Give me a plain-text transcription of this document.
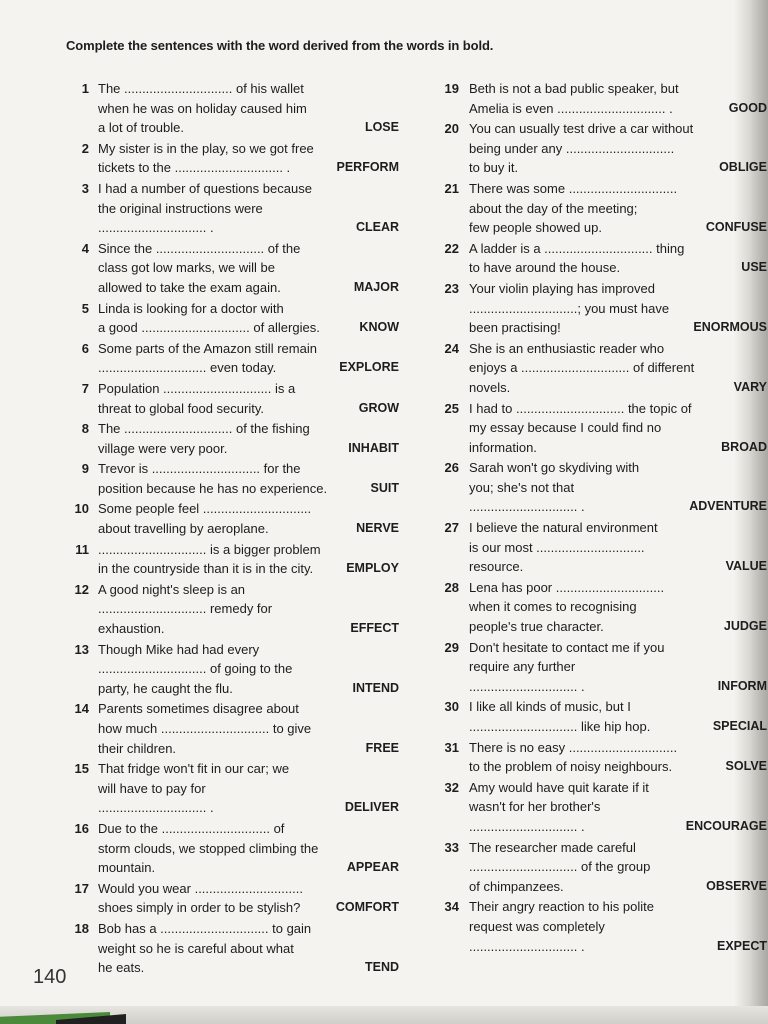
Complete the sentences with the word derived from the words in bold.
1 The .............................. of his wallet
when he was on holiday caused him
a lot of trouble.	LOSE
2 My sister is in the play, so we got free
tickets to the .............................. .	PERFORM
3 I had a number of questions because
the original instructions were
.............................. .	CLEAR
4 Since the .............................. of the
class got low marks, we will be
allowed to take the exam again.	MAJOR
5 Linda is looking for a doctor with
a good .............................. of allergies.	KNOW
6 Some parts of the Amazon still remain
.............................. even today.	EXPLORE
7 Population .............................. is a
threat to global food security.	GROW
8 The .............................. of the fishing
village were very poor.	INHABIT
9 Trevor is .............................. for the
position because he has no experience.	SUIT
10 Some people feel ..............................
about travelling by aeroplane.	NERVE
11 .............................. is a bigger problem
in the countryside than it is in the city.	EMPLOY
12 A good night's sleep is an
.............................. remedy for
exhaustion.	EFFECT
13 Though Mike had had every
.............................. of going to the
party, he caught the flu.	INTEND
14 Parents sometimes disagree about
how much .............................. to give
their children.	FREE
15 That fridge won't fit in our car; we
will have to pay for
.............................. .	DELIVER
16 Due to the .............................. of
storm clouds, we stopped climbing the
mountain.	APPEAR
17 Would you wear ..............................
shoes simply in order to be stylish?	COMFORT
18 Bob has a .............................. to gain
weight so he is careful about what
he eats.	TEND
19 Beth is not a bad public speaker, but
Amelia is even .............................. .	GOOD
20 You can usually test drive a car without
being under any ..............................
to buy it.	OBLIGE
21 There was some ..............................
about the day of the meeting;
few people showed up.	CONFUSE
22 A ladder is a .............................. thing
to have around the house.	USE
23 Your violin playing has improved
..............................; you must have
been practising!	ENORMOUS
24 She is an enthusiastic reader who
enjoys a .............................. of different
novels.	VARY
25 I had to .............................. the topic of
my essay because I could find no
information.	BROAD
26 Sarah won't go skydiving with
you; she's not that
.............................. .	ADVENTURE
27 I believe the natural environment
is our most ..............................
resource.	VALUE
28 Lena has poor ..............................
when it comes to recognising
people's true character.	JUDGE
29 Don't hesitate to contact me if you
require any further
.............................. .	INFORM
30 I like all kinds of music, but I
.............................. like hip hop.	SPECIAL
31 There is no easy ..............................
to the problem of noisy neighbours.	SOLVE
32 Amy would have quit karate if it
wasn't for her brother's
.............................. .	ENCOURAGE
33 The researcher made careful
.............................. of the group
of chimpanzees.	OBSERVE
34 Their angry reaction to his polite
request was completely
.............................. .	EXPECT
140
